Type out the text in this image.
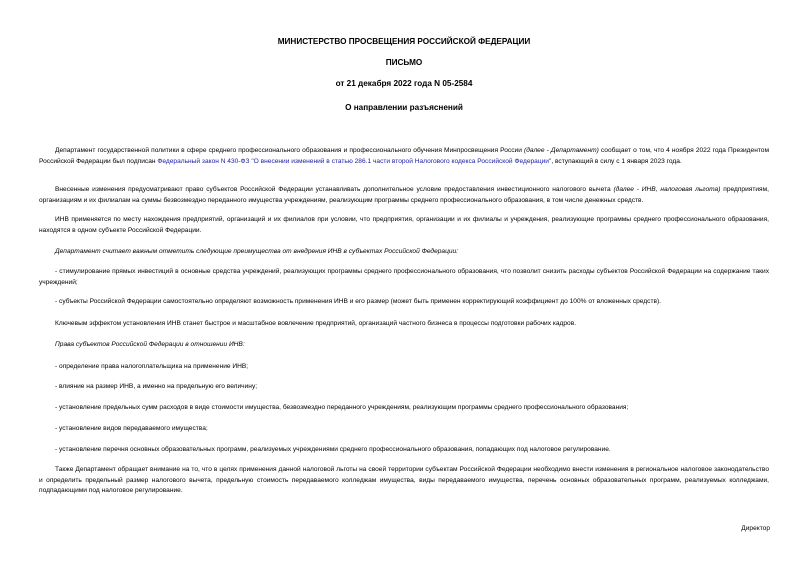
МИНИСТЕРСТВО ПРОСВЕЩЕНИЯ РОССИЙСКОЙ ФЕДЕРАЦИИ
ПИСЬМО
от 21 декабря 2022 года N 05-2584
О направлении разъяснений

Департамент государственной политики в сфере среднего профессионального образования и профессионального обучения Минпросвещения России (далее - Департамент) сообщает о том, что 4 ноября 2022 года Президентом Российской Федерации был подписан Федеральный закон N 430-ФЗ "О внесении изменений в статью 286.1 части второй Налогового кодекса Российской Федерации", вступающий в силу с 1 января 2023 года.

Внесенные изменения предусматривают право субъектов Российской Федерации устанавливать дополнительное условие предоставления инвестиционного налогового вычета (далее - ИНВ, налоговая льгота) предприятиям, организациям и их филиалам на суммы безвозмездно переданного имущества учреждениям, реализующим программы среднего профессионального образования, в том числе денежных средств.

ИНВ применяется по месту нахождения предприятий, организаций и их филиалов при условии, что предприятия, организации и их филиалы и учреждения, реализующие программы среднего профессионального образования, находятся в одном субъекте Российской Федерации.

Департамент считает важным отметить следующие преимущества от внедрения ИНВ в субъектах Российской Федерации:

- стимулирование прямых инвестиций в основные средства учреждений, реализующих программы среднего профессионального образования, что позволит снизить расходы субъектов Российской Федерации на содержание таких учреждений;

- субъекты Российской Федерации самостоятельно определяют возможность применения ИНВ и его размер (может быть применен корректирующий коэффициент до 100% от вложенных средств).

Ключевым эффектом установления ИНВ станет быстрое и масштабное вовлечение предприятий, организаций частного бизнеса в процессы подготовки рабочих кадров.

Права субъектов Российской Федерации в отношении ИНВ:

- определение права налогоплательщика на применение ИНВ;

- влияние на размер ИНВ, а именно на предельную его величину;

- установление предельных сумм расходов в виде стоимости имущества, безвозмездно переданного учреждениям, реализующим программы среднего профессионального образования;

- установление видов передаваемого имущества;

- установление перечня основных образовательных программ, реализуемых учреждениями среднего профессионального образования, попадающих под налоговое регулирование.

Также Департамент обращает внимание на то, что в целях применения данной налоговой льготы на своей территории субъектам Российской Федерации необходимо внести изменения в региональное налоговое законодательство и определить предельный размер налогового вычета, предельную стоимость передаваемого колледжам имущества, виды передаваемого имущества, перечень основных образовательных программ, реализуемых колледжами, подпадающими под налоговое регулирование.

Директор
